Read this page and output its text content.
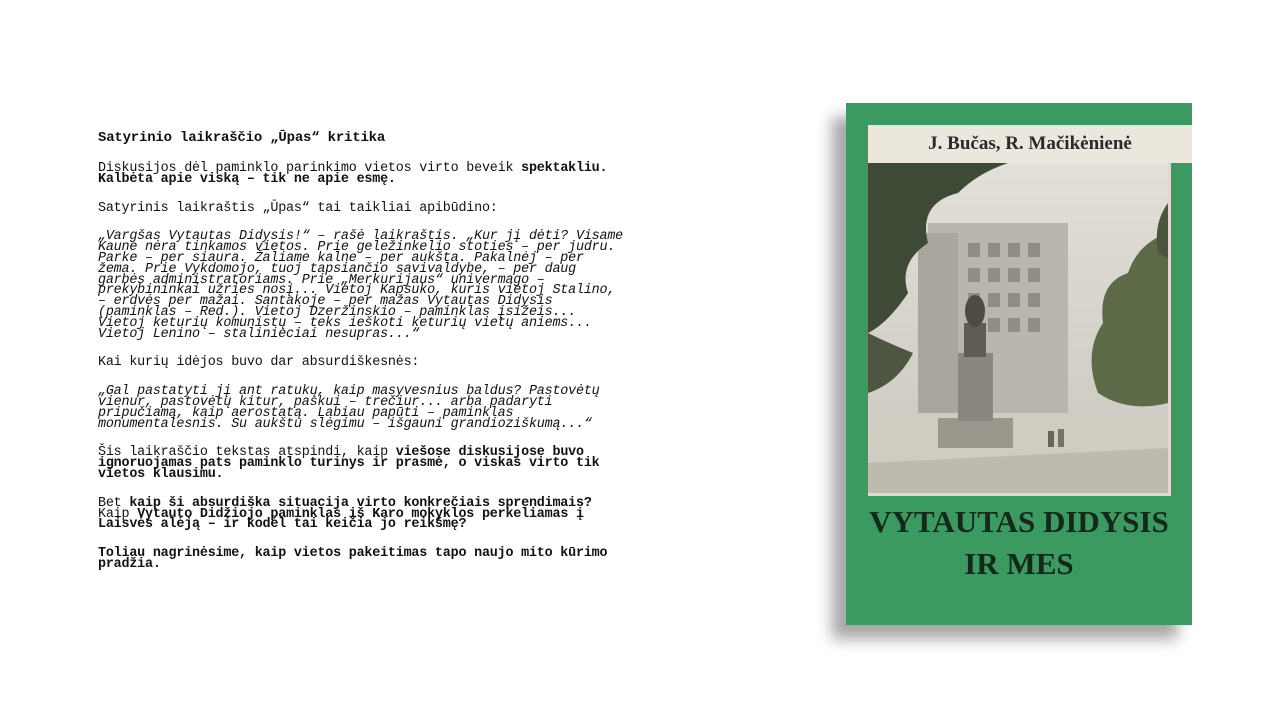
Satyrinio laikraščio „Ūpas“ kritika

Diskusijos dėl paminklo parinkimo vietos virto beveik spektakliu. Kalbėta apie viską – tik ne apie esmę.

Satyrinis laikraštis „Ūpas“ tai taikliai apibūdino:

„Vargšas Vytautas Didysis!“ – rašė laikraštis. „Kur jį dėti? Visame Kaune nėra tinkamos vietos. Prie geležinkelio stoties – per judru. Parke – per siaura. Žaliame kalne – per aukšta. Pakalnėj – per žema. Prie Vykdomojo, tuoj tapsiančio savivaldybe, – per daug garbės administratoriams. Prie „Merkurijaus“ univermago – prekybininkai užries nosį... Vietoj Kapsuko, kuris vietoj Stalino, – erdvės per mažai. Santakoje – per mažas Vytautas Didysis (paminklas – Red.). Vietoj Dzeržinskio – paminklas įsižeis... Vietoj keturių komunistų – teks ieškoti keturių vietų aniems... Vietoj Lenino – stalinieciai nesupras...“

Kai kurių idėjos buvo dar absurdiškesnės:

„Gal pastatyti jį ant ratukų, kaip masyvesnius baldus? Pastovėtų vienur, pastovėtų kitur, paskui – trečiur... arba padaryti pripučiamą, kaip aerostatą. Labiau papūti – paminklas monumentalesnis. Su aukštu slėgimu – išgauni grandioziškumą...“

Šis laikraščio tekstas atspindi, kaip viešose diskusijose buvo ignoruojamas pats paminklo turinys ir prasmė, o viskas virto tik vietos klausimu.

Bet kaip ši absurdiška situacija virto konkrečiais sprendimais?
Kaip Vytauto Didžiojo paminklas iš Karo mokyklos perkeliamas į Laisvės alėją – ir kodėl tai keičia jo reikšmę?

Toliau nagrinėsime, kaip vietos pakeitimas tapo naujo mito kūrimo pradžia.

J. Bučas, R. Mačikėnienė
VYTAUTAS DIDYSIS
IR MES
